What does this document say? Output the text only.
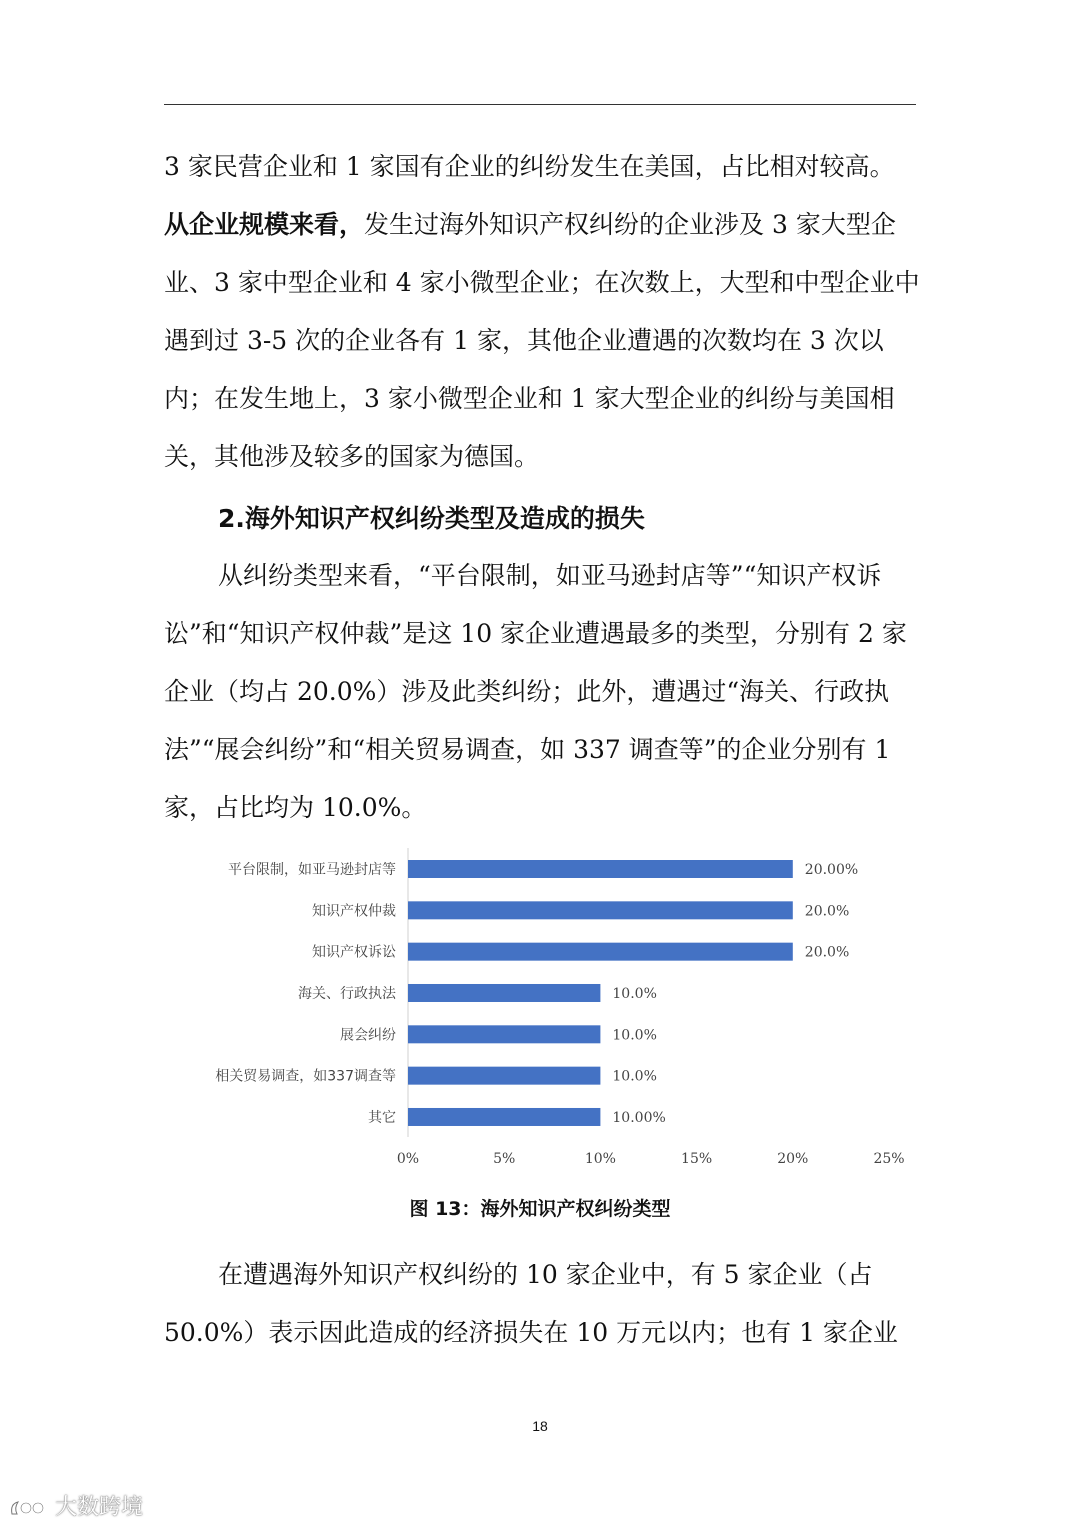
3 家民营企业和 1 家国有企业的纠纷发生在美国，占比相对较高。
从企业规模来看，发生过海外知识产权纠纷的企业涉及 3 家大型企业、3 家中型企业和 4 家小微型企业；在次数上，大型和中型企业中遇到过 3-5 次的企业各有 1 家，其他企业遭遇的次数均在 3 次以内；在发生地上，3 家小微型企业和 1 家大型企业的纠纷与美国相关，其他涉及较多的国家为德国。

2.海外知识产权纠纷类型及造成的损失

从纠纷类型来看，“平台限制，如亚马逊封店等”“知识产权诉讼”和“知识产权仲裁”是这 10 家企业遭遇最多的类型，分别有 2 家企业（均占 20.0%）涉及此类纠纷；此外，遭遇过“海关、行政执法”“展会纠纷”和“相关贸易调查，如 337 调查等”的企业分别有 1 家，占比均为 10.0%。

平台限制，如亚马逊封店等	20.00%
知识产权仲裁	20.0%
知识产权诉讼	20.0%
海关、行政执法	10.0%
展会纠纷	10.0%
相关贸易调查，如337调查等	10.0%
其它	10.00%
0%	5%	10%	15%	20%	25%

图 13：海外知识产权纠纷类型

在遭遇海外知识产权纠纷的 10 家企业中，有 5 家企业（占 50.0%）表示因此造成的经济损失在 10 万元以内；也有 1 家企业

18
大数跨境
